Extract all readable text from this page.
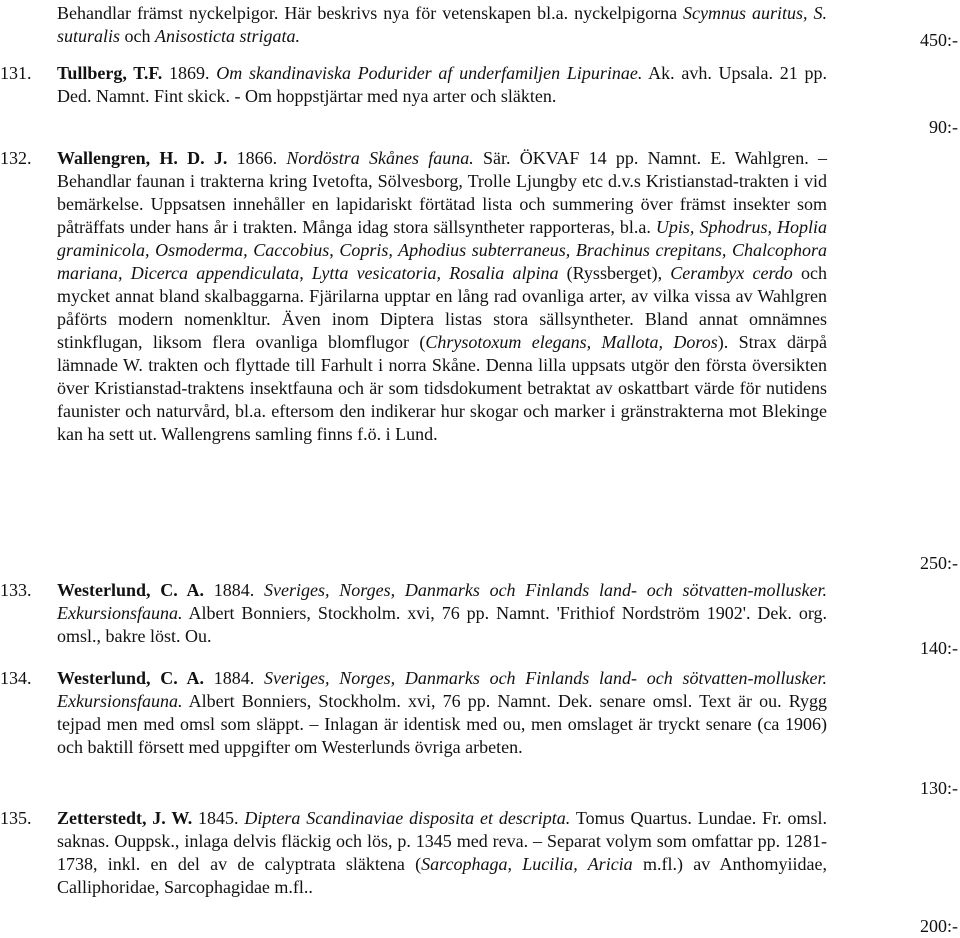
Behandlar främst nyckelpigor. Här beskrivs nya för vetenskapen bl.a. nyckelpigorna Scymnus auritus, S. suturalis och Anisosticta strigata.	450:-
131. Tullberg, T.F. 1869. Om skandinaviska Podurider af underfamiljen Lipurinae. Ak. avh. Upsala. 21 pp. Ded. Namnt. Fint skick. - Om hoppstjärtar med nya arter och släkten.
90:-
132. Wallengren, H. D. J. 1866. Nordöstra Skånes fauna. Sär. ÖKVAF 14 pp. Namnt. E. Wahlgren. – Behandlar faunan i trakterna kring Ivetofta, Sölvesborg, Trolle Ljungby etc d.v.s Kristianstad-trakten i vid bemärkelse. Uppsatsen innehåller en lapidariskt förtätad lista och summering över främst insekter som påträffats under hans år i trakten. Många idag stora sällsyntheter rapporteras, bl.a. Upis, Sphodrus, Hoplia graminicola, Osmoderma, Caccobius, Copris, Aphodius subterraneus, Brachinus crepitans, Chalcophora mariana, Dicerca appendiculata, Lytta vesicatoria, Rosalia alpina (Ryssberget), Cerambyx cerdo och mycket annat bland skalbaggarna. Fjärilarna upptar en lång rad ovanliga arter, av vilka vissa av Wahlgren påförts modern nomenkltur. Även inom Diptera listas stora sällsyntheter. Bland annat omnämnes stinkflugan, liksom flera ovanliga blomflugor (Chrysotoxum elegans, Mallota, Doros). Strax därpå lämnade W. trakten och flyttade till Farhult i norra Skåne. Denna lilla uppsats utgör den första översikten över Kristianstad-traktens insektfauna och är som tidsdokument betraktat av oskattbart värde för nutidens faunister och naturvård, bl.a. eftersom den indikerar hur skogar och marker i gränstrakterna mot Blekinge kan ha sett ut. Wallengrens samling finns f.ö. i Lund.
250:-
133. Westerlund, C. A. 1884. Sveriges, Norges, Danmarks och Finlands land- och sötvatten-mollusker. Exkursionsfauna. Albert Bonniers, Stockholm. xvi, 76 pp. Namnt. 'Frithiof Nordström 1902'. Dek. org. omsl., bakre löst. Ou.
140:-
134. Westerlund, C. A. 1884. Sveriges, Norges, Danmarks och Finlands land- och sötvatten-mollusker. Exkursionsfauna. Albert Bonniers, Stockholm. xvi, 76 pp. Namnt. Dek. senare omsl. Text är ou. Rygg tejpad men med omsl som släppt. – Inlagan är identisk med ou, men omslaget är tryckt senare (ca 1906) och baktill försett med uppgifter om Westerlunds övriga arbeten.
130:-
135. Zetterstedt, J. W. 1845. Diptera Scandinaviae disposita et descripta. Tomus Quartus. Lundae. Fr. omsl. saknas. Ouppsk., inlaga delvis fläckig och lös, p. 1345 med reva. – Separat volym som omfattar pp. 1281-1738, inkl. en del av de calyptrata släktena (Sarcophaga, Lucilia, Aricia m.fl.) av Anthomyiidae, Calliphoridae, Sarcophagidae m.fl..
200:-
